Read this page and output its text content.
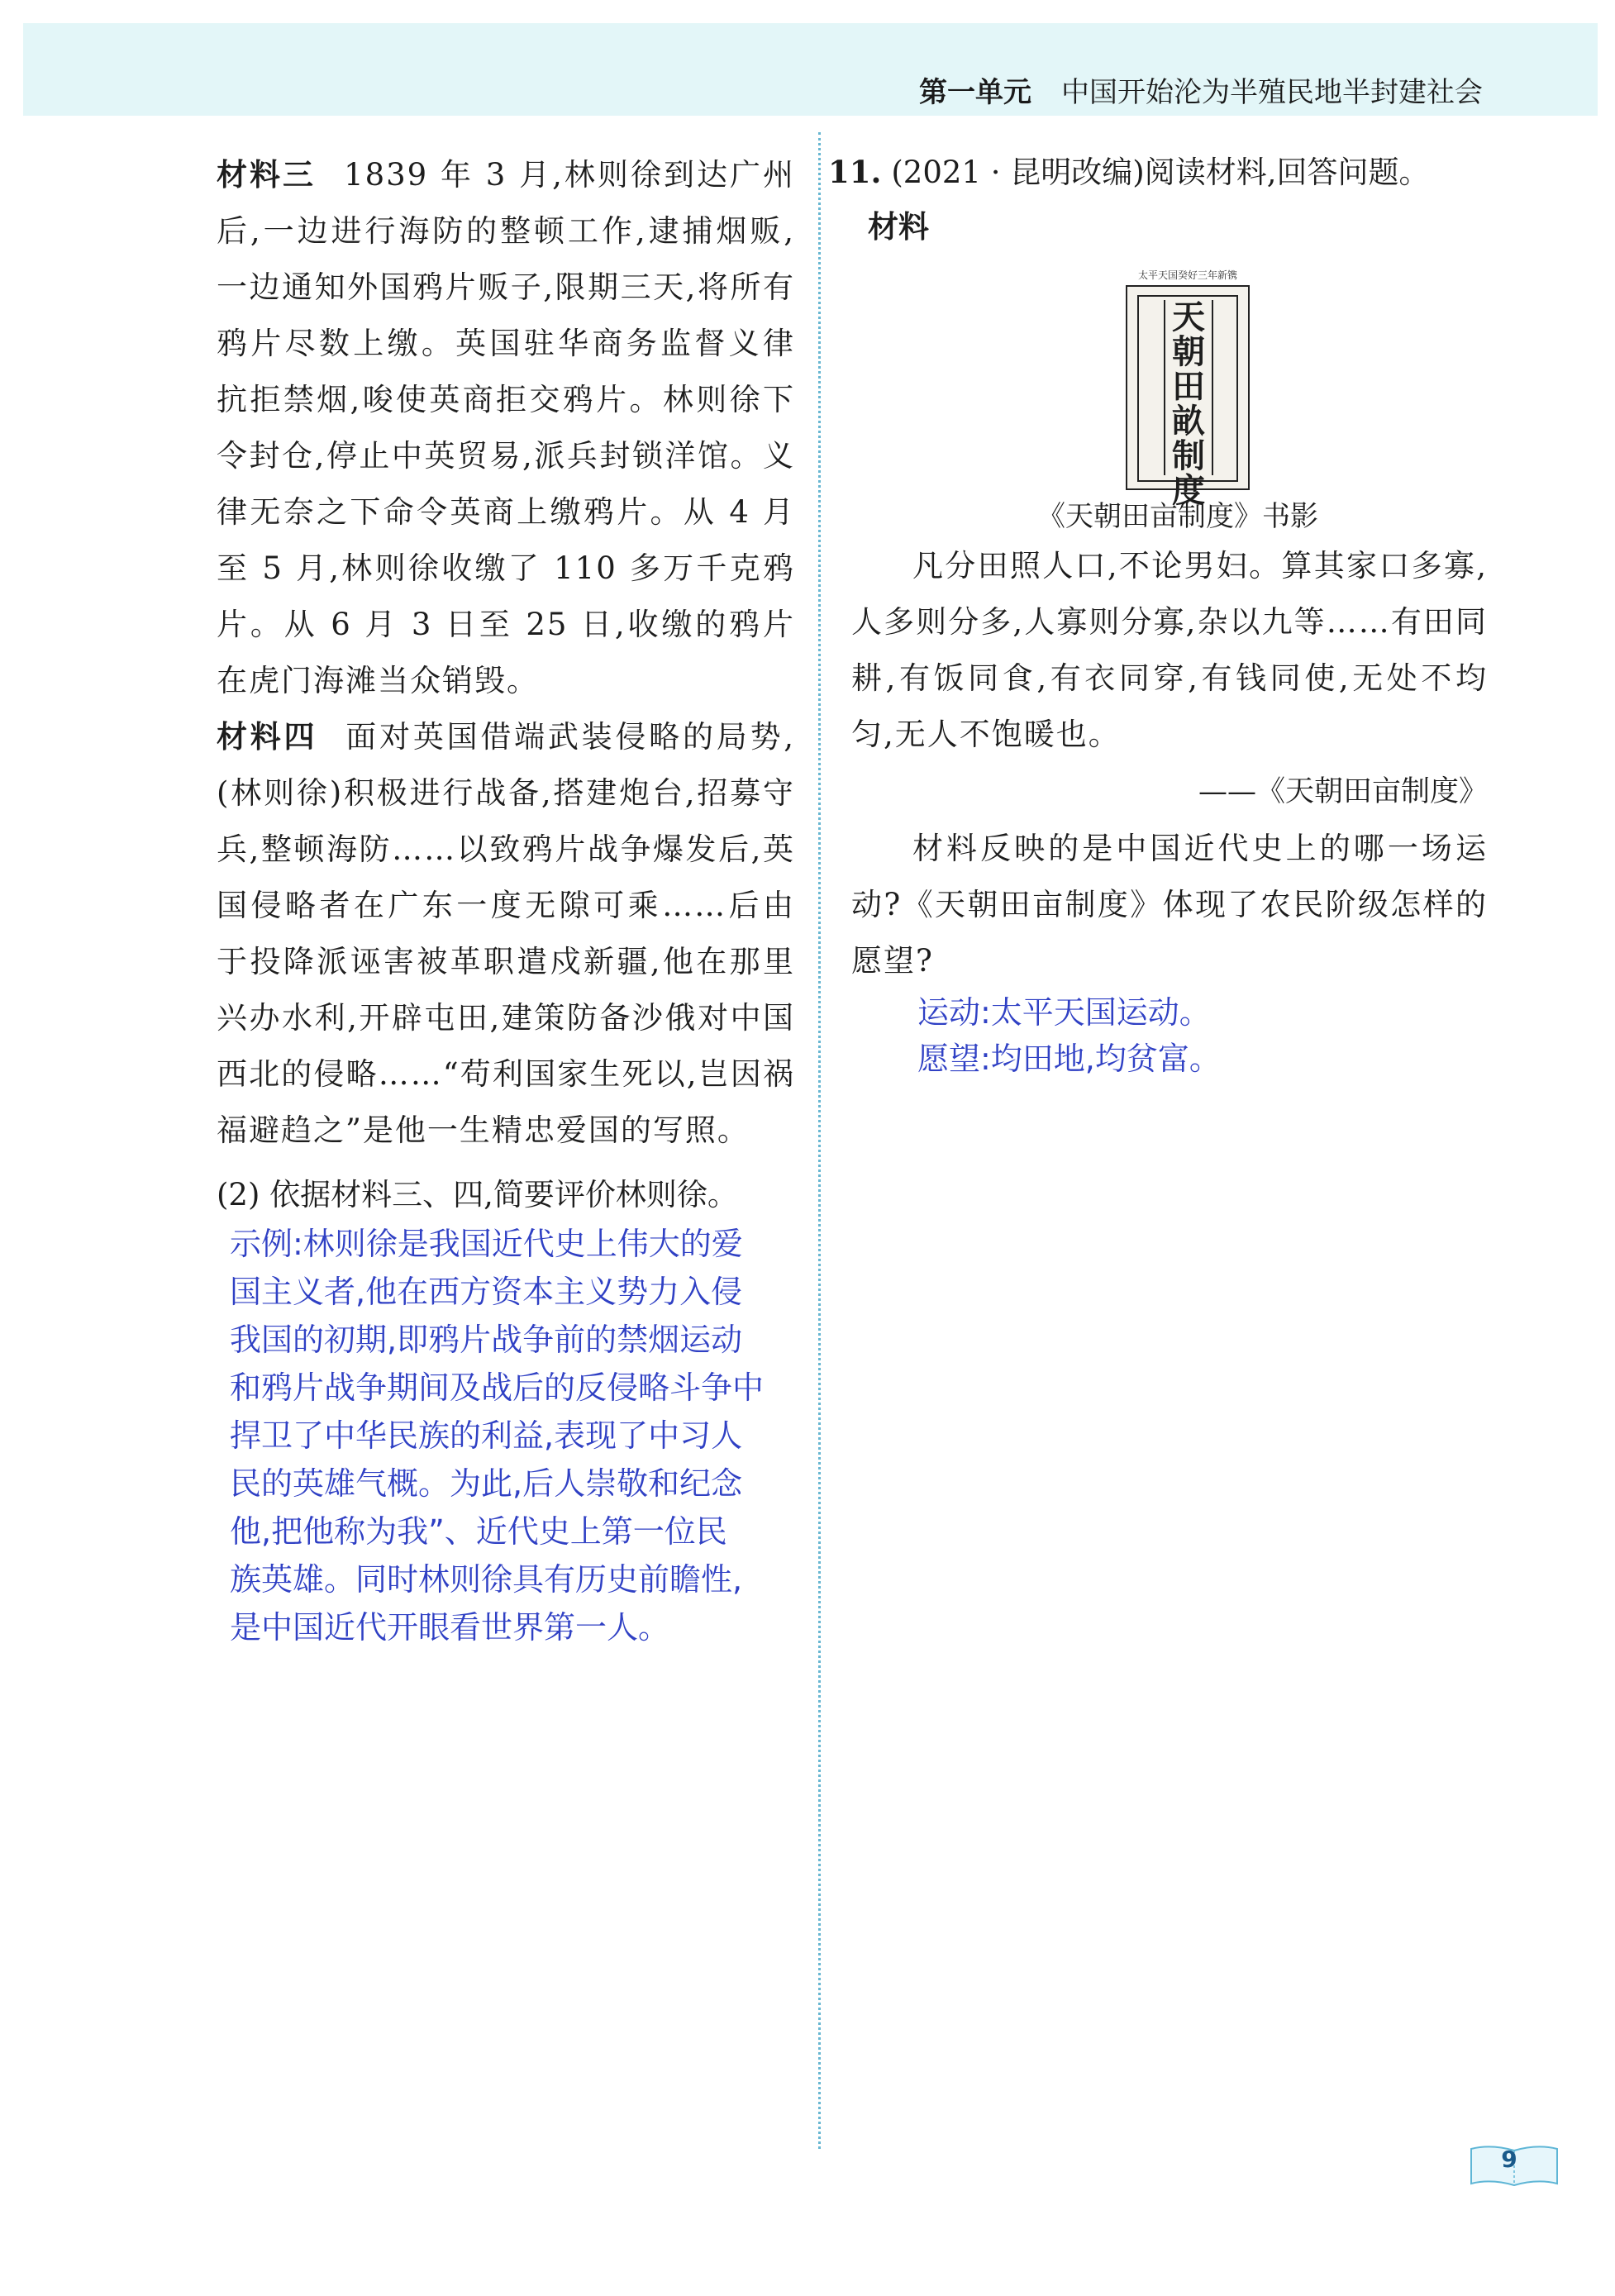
第一单元 中国开始沦为半殖民地半封建社会

材料三 1839 年 3 月,林则徐到达广州后,一边进行海防的整顿工作,逮捕烟贩,一边通知外国鸦片贩子,限期三天,将所有鸦片尽数上缴。英国驻华商务监督义律抗拒禁烟,唆使英商拒交鸦片。林则徐下令封仓,停止中英贸易,派兵封锁洋馆。义律无奈之下命令英商上缴鸦片。从 4 月至 5 月,林则徐收缴了 110 多万千克鸦片。从 6 月 3 日至 25 日,收缴的鸦片在虎门海滩当众销毁。

材料四 面对英国借端武装侵略的局势,(林则徐)积极进行战备,搭建炮台,招募守兵,整顿海防……以致鸦片战争爆发后,英国侵略者在广东一度无隙可乘……后由于投降派诬害被革职遣戍新疆,他在那里兴办水利,开辟屯田,建策防备沙俄对中国西北的侵略……“苟利国家生死以,岂因祸福避趋之”是他一生精忠爱国的写照。

(2) 依据材料三、四,简要评价林则徐。

示例:林则徐是我国近代史上伟大的爱

国主义者,他在西方资本主义势力入侵

我国的初期,即鸦片战争前的禁烟运动

和鸦片战争期间及战后的反侵略斗争中

捍卫了中华民族的利益,表现了中习人

民的英雄气概。为此,后人崇敬和纪念

他,把他称为我”、近代史上第一位民

族英雄。同时林则徐具有历史前瞻性,

是中国近代开眼看世界第一人。

11. (2021 · 昆明改编)阅读材料,回答问题。
材料
太平天国癸好三年新镌
天朝田畝制度
《天朝田亩制度》书影

凡分田照人口,不论男妇。算其家口多寡,人多则分多,人寡则分寡,杂以九等……有田同耕,有饭同食,有衣同穿,有钱同使,无处不均匀,无人不饱暖也。

——《天朝田亩制度》

材料反映的是中国近代史上的哪一场运动?《天朝田亩制度》体现了农民阶级怎样的愿望?

运动:太平天国运动。
愿望:均田地,均贫富。
9
